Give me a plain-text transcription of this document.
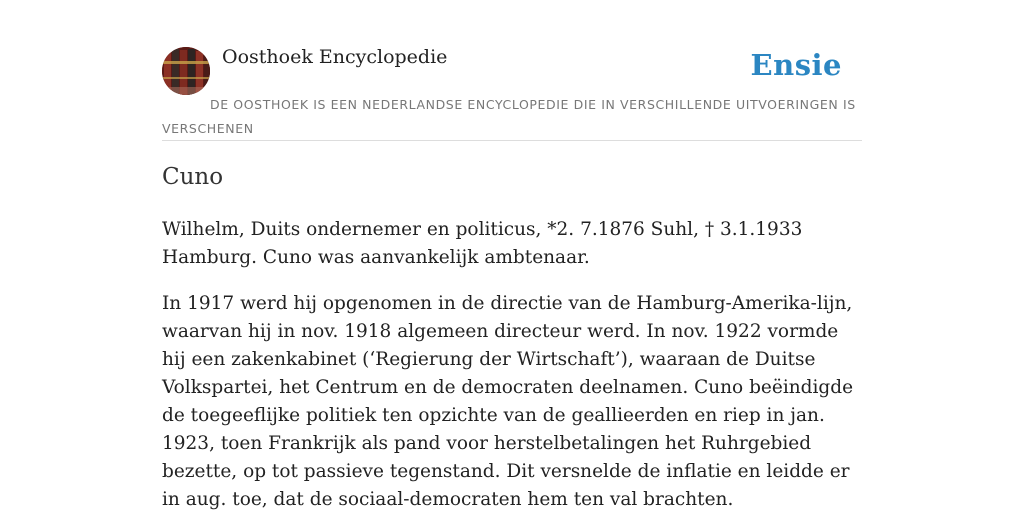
Oosthoek Encyclopedie	Ensie
DE OOSTHOEK IS EEN NEDERLANDSE ENCYCLOPEDIE DIE IN VERSCHILLENDE UITVOERINGEN IS VERSCHENEN
Cuno

Wilhelm, Duits ondernemer en politicus, *2. 7.1876 Suhl, † 3.1.1933 Hamburg. Cuno was aanvankelijk ambtenaar.

In 1917 werd hij opgenomen in de directie van de Hamburg-Amerika-lijn, waarvan hij in nov. 1918 algemeen directeur werd. In nov. 1922 vormde hij een zakenkabinet (‘Regierung der Wirtschaft’), waaraan de Duitse Volkspartei, het Centrum en de democraten deelnamen. Cuno beëindigde de toegeeflijke politiek ten opzichte van de geallieerden en riep in jan. 1923, toen Frankrijk als pand voor herstelbetalingen het Ruhrgebied bezette, op tot passieve tegenstand. Dit versnelde de inflatie en leidde er in aug. toe, dat de sociaal-democraten hem ten val brachten.
